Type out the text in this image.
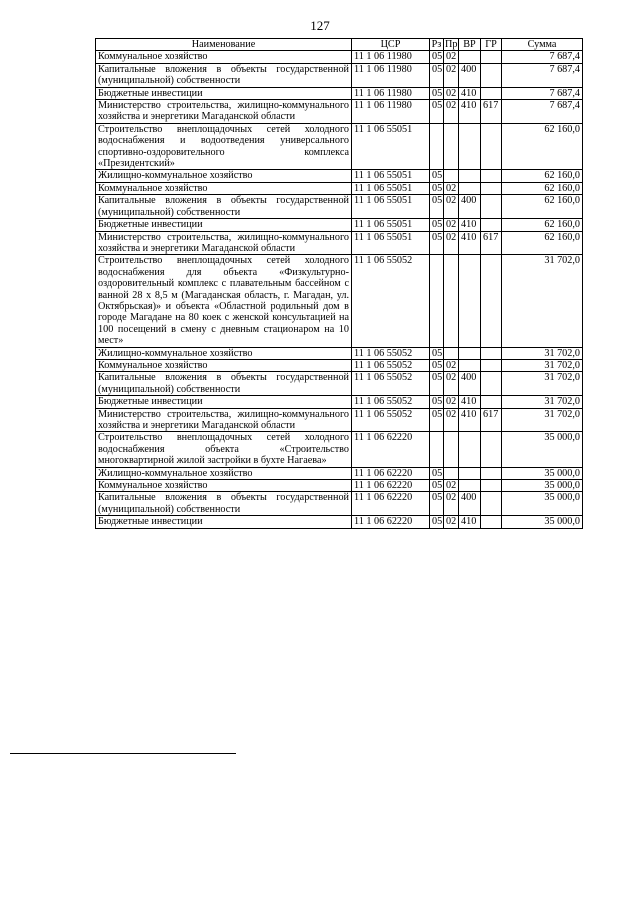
127
Наименование	ЦСР	Рз	Пр	ВР	ГР	Сумма
Коммунальное хозяйство	11 1 06 11980	05	02			7 687,4
Капитальные вложения в объекты государственной (муниципальной) собственности	11 1 06 11980	05	02	400		7 687,4
Бюджетные инвестиции	11 1 06 11980	05	02	410		7 687,4
Министерство строительства, жилищно-коммунального хозяйства и энергетики Магаданской области	11 1 06 11980	05	02	410	617	7 687,4
Строительство внеплощадочных сетей холодного водоснабжения и водоотведения универсального спортивно-оздоровительного комплекса «Президентский»	11 1 06 55051					62 160,0
Жилищно-коммунальное хозяйство	11 1 06 55051	05				62 160,0
Коммунальное хозяйство	11 1 06 55051	05	02			62 160,0
Капитальные вложения в объекты государственной (муниципальной) собственности	11 1 06 55051	05	02	400		62 160,0
Бюджетные инвестиции	11 1 06 55051	05	02	410		62 160,0
Министерство строительства, жилищно-коммунального хозяйства и энергетики Магаданской области	11 1 06 55051	05	02	410	617	62 160,0
Строительство внеплощадочных сетей холодного водоснабжения для объекта «Физкультурно-оздоровительный комплекс с плавательным бассейном с ванной 28 х 8,5 м (Магаданская область, г. Магадан, ул. Октябрьская)» и объекта «Областной родильный дом в городе Магадане на 80 коек с женской консультацией на 100 посещений в смену с дневным стационаром на 10 мест»	11 1 06 55052					31 702,0
Жилищно-коммунальное хозяйство	11 1 06 55052	05				31 702,0
Коммунальное хозяйство	11 1 06 55052	05	02			31 702,0
Капитальные вложения в объекты государственной (муниципальной) собственности	11 1 06 55052	05	02	400		31 702,0
Бюджетные инвестиции	11 1 06 55052	05	02	410		31 702,0
Министерство строительства, жилищно-коммунального хозяйства и энергетики Магаданской области	11 1 06 55052	05	02	410	617	31 702,0
Строительство внеплощадочных сетей холодного водоснабжения объекта «Строительство многоквартирной жилой застройки в бухте Нагаева»	11 1 06 62220					35 000,0
Жилищно-коммунальное хозяйство	11 1 06 62220	05				35 000,0
Коммунальное хозяйство	11 1 06 62220	05	02			35 000,0
Капитальные вложения в объекты государственной (муниципальной) собственности	11 1 06 62220	05	02	400		35 000,0
Бюджетные инвестиции	11 1 06 62220	05	02	410		35 000,0
